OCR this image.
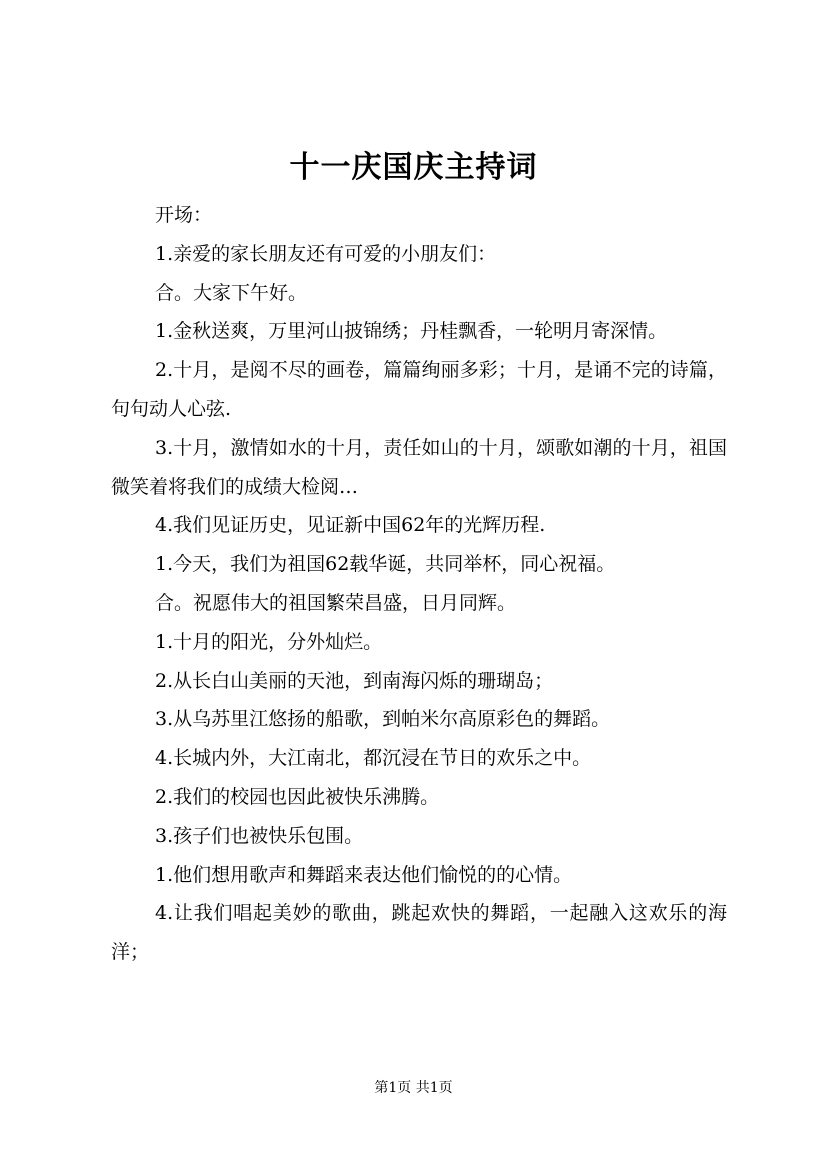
十一庆国庆主持词

开场：

1.亲爱的家长朋友还有可爱的小朋友们：

合。大家下午好。

1.金秋送爽，万里河山披锦绣；丹桂飘香，一轮明月寄深情。

2.十月，是阅不尽的画卷，篇篇绚丽多彩；十月，是诵不完的诗篇，句句动人心弦.

3.十月，激情如水的十月，责任如山的十月，颂歌如潮的十月，祖国微笑着将我们的成绩大检阅…

4.我们见证历史，见证新中国62年的光辉历程.

1.今天，我们为祖国62载华诞，共同举杯，同心祝福。

合。祝愿伟大的祖国繁荣昌盛，日月同辉。

1.十月的阳光，分外灿烂。

2.从长白山美丽的天池，到南海闪烁的珊瑚岛；

3.从乌苏里江悠扬的船歌，到帕米尔高原彩色的舞蹈。

4.长城内外，大江南北，都沉浸在节日的欢乐之中。

2.我们的校园也因此被快乐沸腾。

3.孩子们也被快乐包围。

1.他们想用歌声和舞蹈来表达他们愉悦的的心情。

4.让我们唱起美妙的歌曲，跳起欢快的舞蹈，一起融入这欢乐的海洋；

第1页 共1页
